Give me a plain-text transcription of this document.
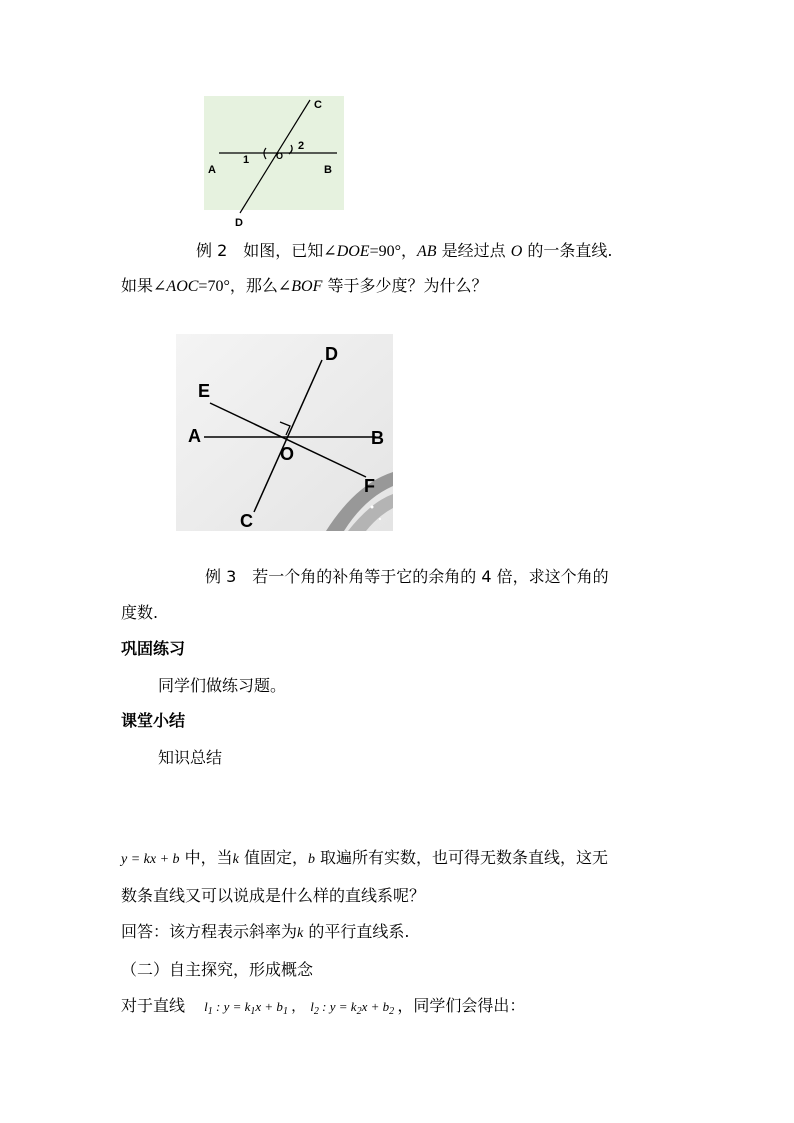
C
2
1	O
A	B
D
例 2　如图，已知∠DOE=90°，AB 是经过点 O 的一条直线.
如果∠AOC=70°，那么∠BOF 等于多少度？为什么？
D
E
A	B
O
F
C
例 3　若一个角的补角等于它的余角的 4 倍，求这个角的
度数.
巩固练习
同学们做练习题。
课堂小结
知识总结
y = kx + b 中，当k 值固定，b 取遍所有实数，也可得无数条直线，这无
数条直线又可以说成是什么样的直线系呢？
回答：该方程表示斜率为k 的平行直线系.
（二）自主探究，形成概念
对于直线 $l_1$ : $y = k_1x + b_1$ ， $l_2$ : $y = k_2x + b_2$ ，同学们会得出：
